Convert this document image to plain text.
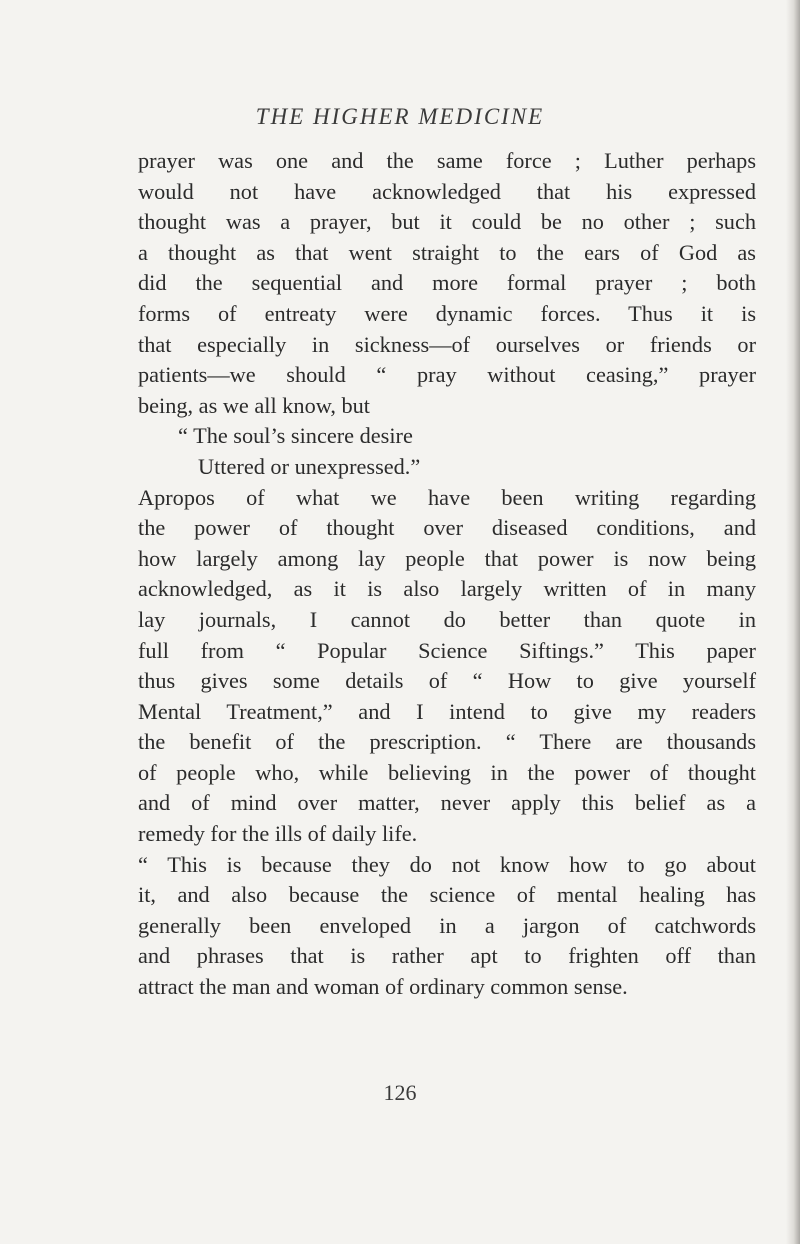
THE HIGHER MEDICINE
prayer was one and the same force ; Luther perhaps
would not have acknowledged that his expressed
thought was a prayer, but it could be no other ; such
a thought as that went straight to the ears of God as
did the sequential and more formal prayer ; both
forms of entreaty were dynamic forces. Thus it is
that especially in sickness—of ourselves or friends or
patients—we should “ pray without ceasing,” prayer
being, as we all know, but
“ The soul’s sincere desire
Uttered or unexpressed.”
Apropos of what we have been writing regarding
the power of thought over diseased conditions, and
how largely among lay people that power is now being
acknowledged, as it is also largely written of in many
lay journals, I cannot do better than quote in
full from “ Popular Science Siftings.” This paper
thus gives some details of “ How to give yourself
Mental Treatment,” and I intend to give my readers
the benefit of the prescription. “ There are thousands
of people who, while believing in the power of thought
and of mind over matter, never apply this belief as a
remedy for the ills of daily life.
“ This is because they do not know how to go about
it, and also because the science of mental healing has
generally been enveloped in a jargon of catchwords
and phrases that is rather apt to frighten off than
attract the man and woman of ordinary common sense.
126
